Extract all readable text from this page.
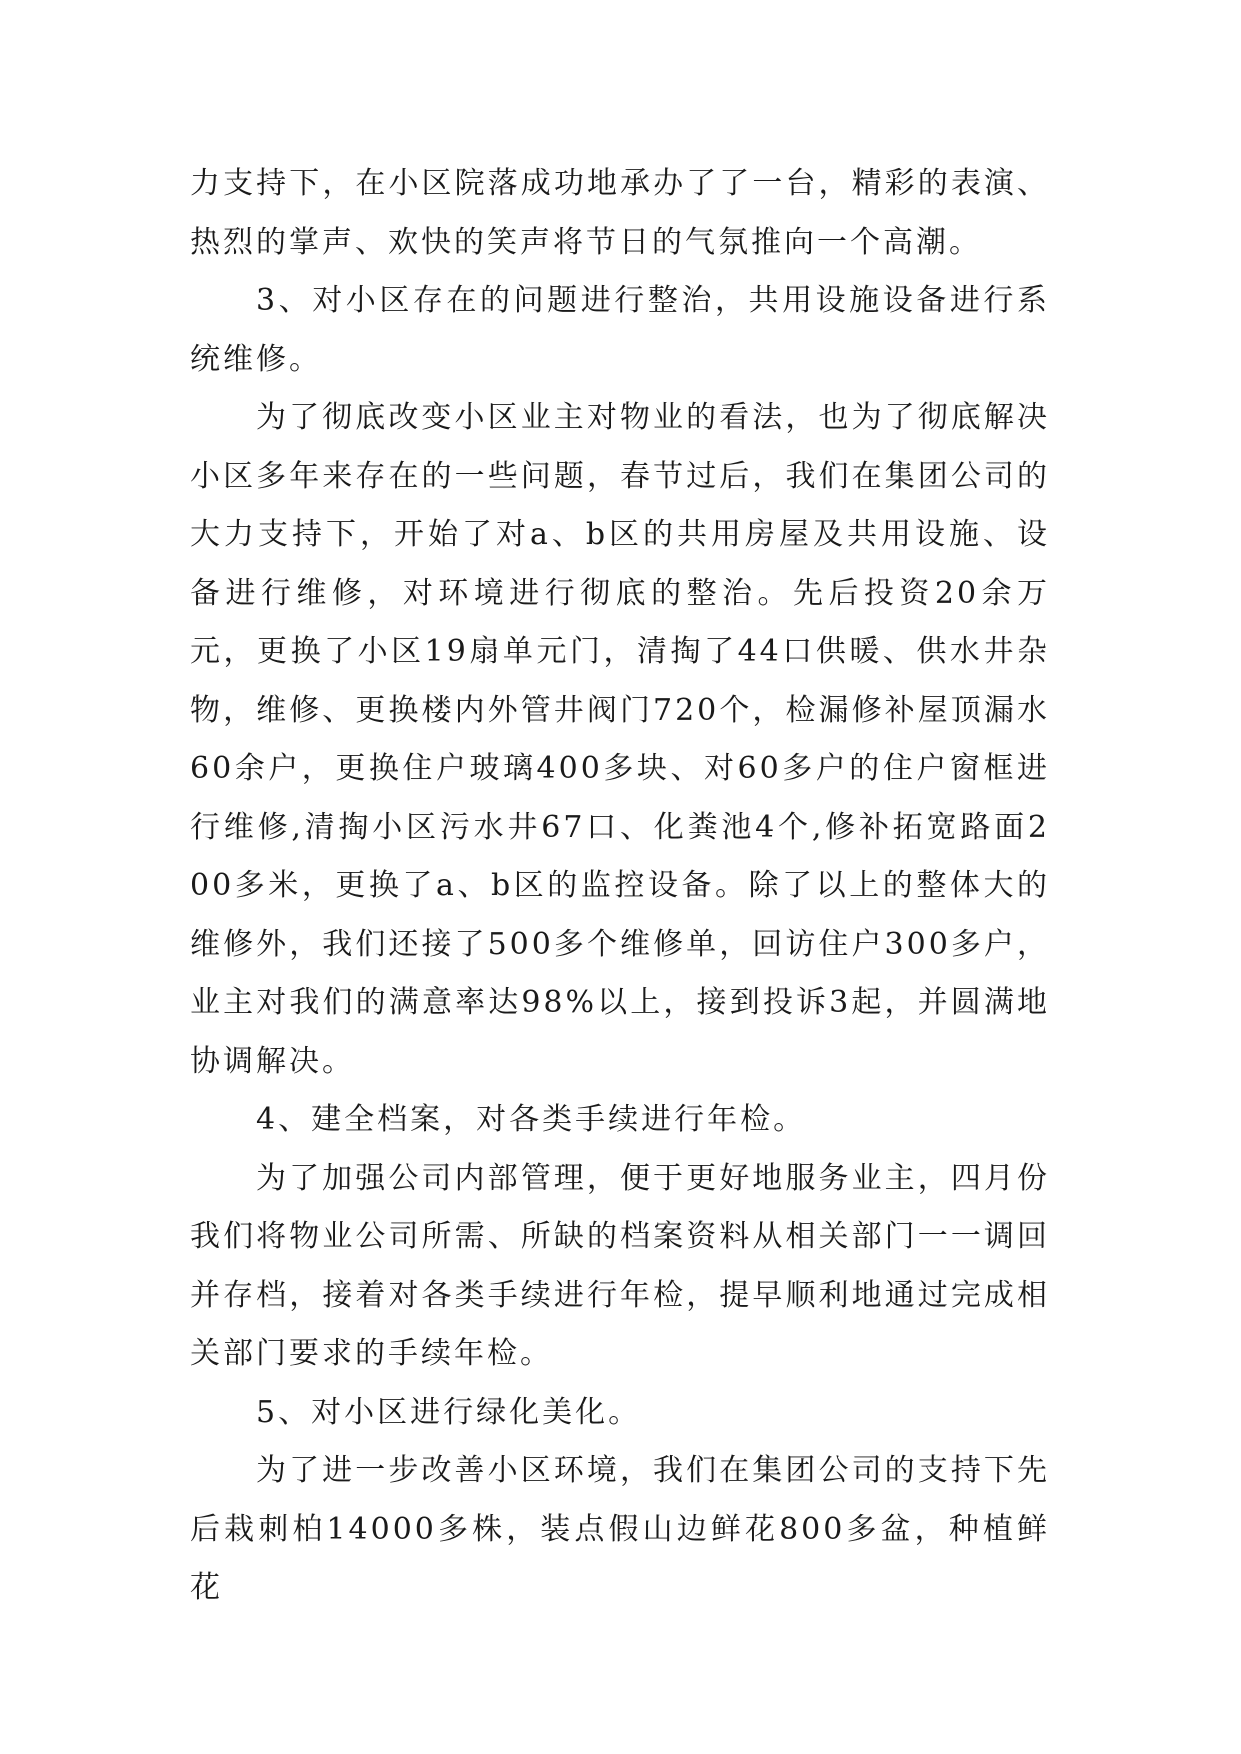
力支持下，在小区院落成功地承办了了一台，精彩的表演、热烈的掌声、欢快的笑声将节日的气氛推向一个高潮。

3、对小区存在的问题进行整治，共用设施设备进行系统维修。

为了彻底改变小区业主对物业的看法，也为了彻底解决小区多年来存在的一些问题，春节过后，我们在集团公司的大力支持下，开始了对a、b区的共用房屋及共用设施、设备进行维修，对环境进行彻底的整治。先后投资20余万元，更换了小区19扇单元门，清掏了44口供暖、供水井杂物，维修、更换楼内外管井阀门720个，检漏修补屋顶漏水60余户，更换住户玻璃400多块、对60多户的住户窗框进行维修,清掏小区污水井67口、化粪池4个,修补拓宽路面200多米，更换了a、b区的监控设备。除了以上的整体大的维修外，我们还接了500多个维修单，回访住户300多户，业主对我们的满意率达98%以上，接到投诉3起，并圆满地协调解决。

4、建全档案，对各类手续进行年检。

为了加强公司内部管理，便于更好地服务业主，四月份我们将物业公司所需、所缺的档案资料从相关部门一一调回并存档，接着对各类手续进行年检，提早顺利地通过完成相关部门要求的手续年检。

5、对小区进行绿化美化。

为了进一步改善小区环境，我们在集团公司的支持下先后栽刺柏14000多株，装点假山边鲜花800多盆，种植鲜花
